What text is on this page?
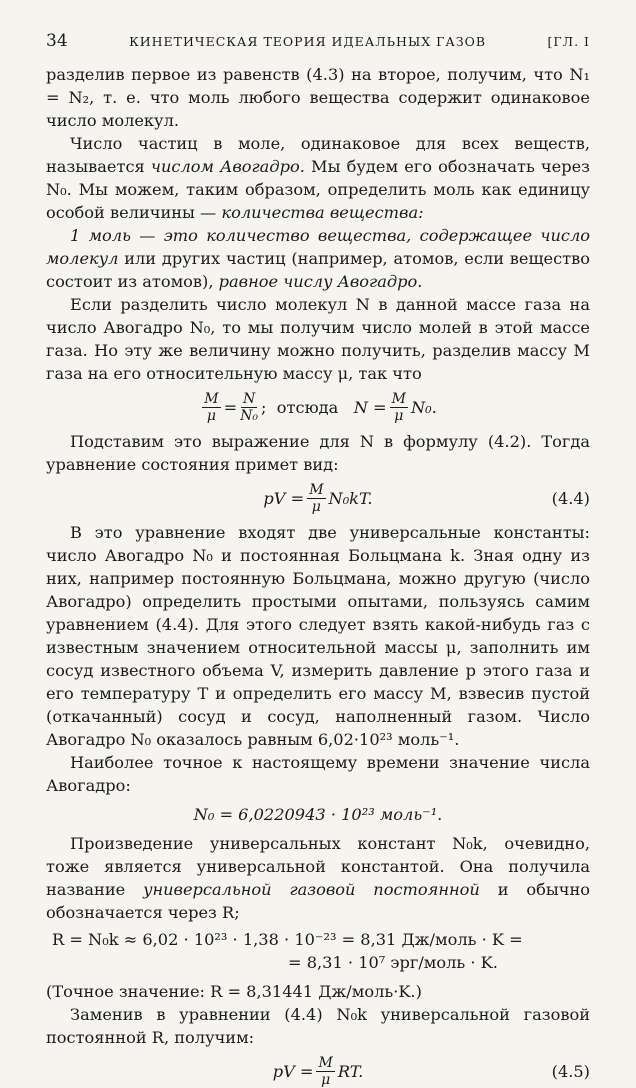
34	КИНЕТИЧЕСКАЯ ТЕОРИЯ ИДЕАЛЬНЫХ ГАЗОВ	[ГЛ. I

разделив первое из равенств (4.3) на второе, получим, что N₁ = N₂, т. е. что моль любого вещества содержит одинаковое число молекул.

Число частиц в моле, одинаковое для всех веществ, называется числом Авогадро. Мы будем его обозначать через N₀. Мы можем, таким образом, определить моль как единицу особой величины — количества вещества:

1 моль — это количество вещества, содержащее число молекул или других частиц (например, атомов, если вещество состоит из атомов), равное числу Авогадро.

Если разделить число молекул N в данной массе газа на число Авогадро N₀, то мы получим число молей в этой массе газа. Но эту же величину можно получить, разделив массу M газа на его относительную массу μ, так что

$\frac{M}{\mu} = \frac{N}{\text{N₀}}$ ; отсюда
$N = \frac{M}{\mu} N_0$.

Подставим это выражение для N в формулу (4.2). Тогда уравнение состояния примет вид:

pV = $\frac{M}{\mu} N_0kT$.	(4.4)

В это уравнение входят две универсальные константы: число Авогадро N₀ и постоянная Больцмана k. Зная одну из них, например постоянную Больцмана, можно другую (число Авогадро) определить простыми опытами, пользуясь самим уравнением (4.4). Для этого следует взять какой-нибудь газ с известным значением относительной массы μ, заполнить им сосуд известного объема V, измерить давление p этого газа и его температуру T и определить его массу M, взвесив пустой (откачанный) сосуд и сосуд, наполненный газом. Число Авогадро N₀ оказалось равным 6,02·10²³ моль⁻¹.

Наиболее точное к настоящему времени значение числа Авогадро:

N₀ = 6,0220943 · 10²³ моль⁻¹.

Произведение универсальных констант N₀k, очевидно, тоже является универсальной константой. Она получила название универсальной газовой постоянной и обычно обозначается через R;

R = N₀k ≈ 6,02 · 10²³ · 1,38 · 10⁻²³ = 8,31 Дж/моль · K =
= 8,31 · 10⁷ эрг/моль · K.

(Точное значение: R = 8,31441 Дж/моль·K.)

Заменив в уравнении (4.4) N₀k универсальной газовой постоянной R, получим:

pV = $\frac{M}{\mu}$ RT.	(4.5)
